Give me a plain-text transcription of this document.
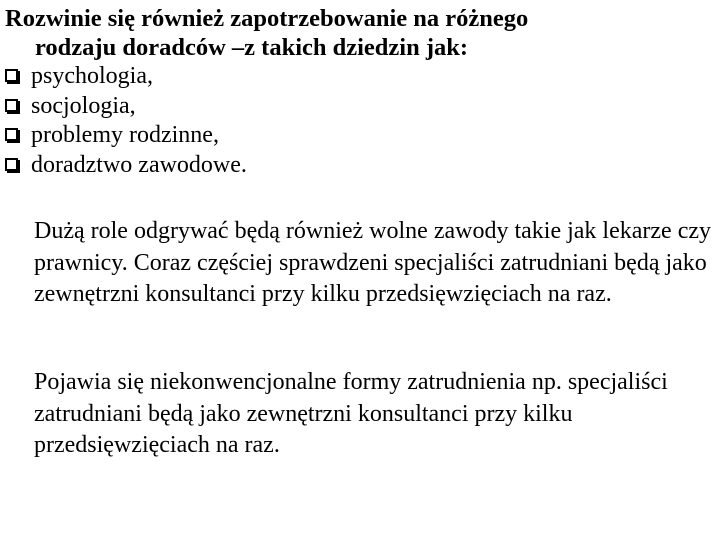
Rozwinie się również zapotrzebowanie na różnego
rodzaju doradców –z takich dziedzin jak:
psychologia,
socjologia,
problemy rodzinne,
doradztwo zawodowe.

Dużą role odgrywać będą również wolne zawody takie jak lekarze czy prawnicy. Coraz częściej sprawdzeni specjaliści zatrudniani będą jako zewnętrzni konsultanci przy kilku przedsięwzięciach na raz.

Pojawia się niekonwencjonalne formy zatrudnienia np. specjaliści zatrudniani będą jako zewnętrzni konsultanci przy kilku przedsięwzięciach na raz.
